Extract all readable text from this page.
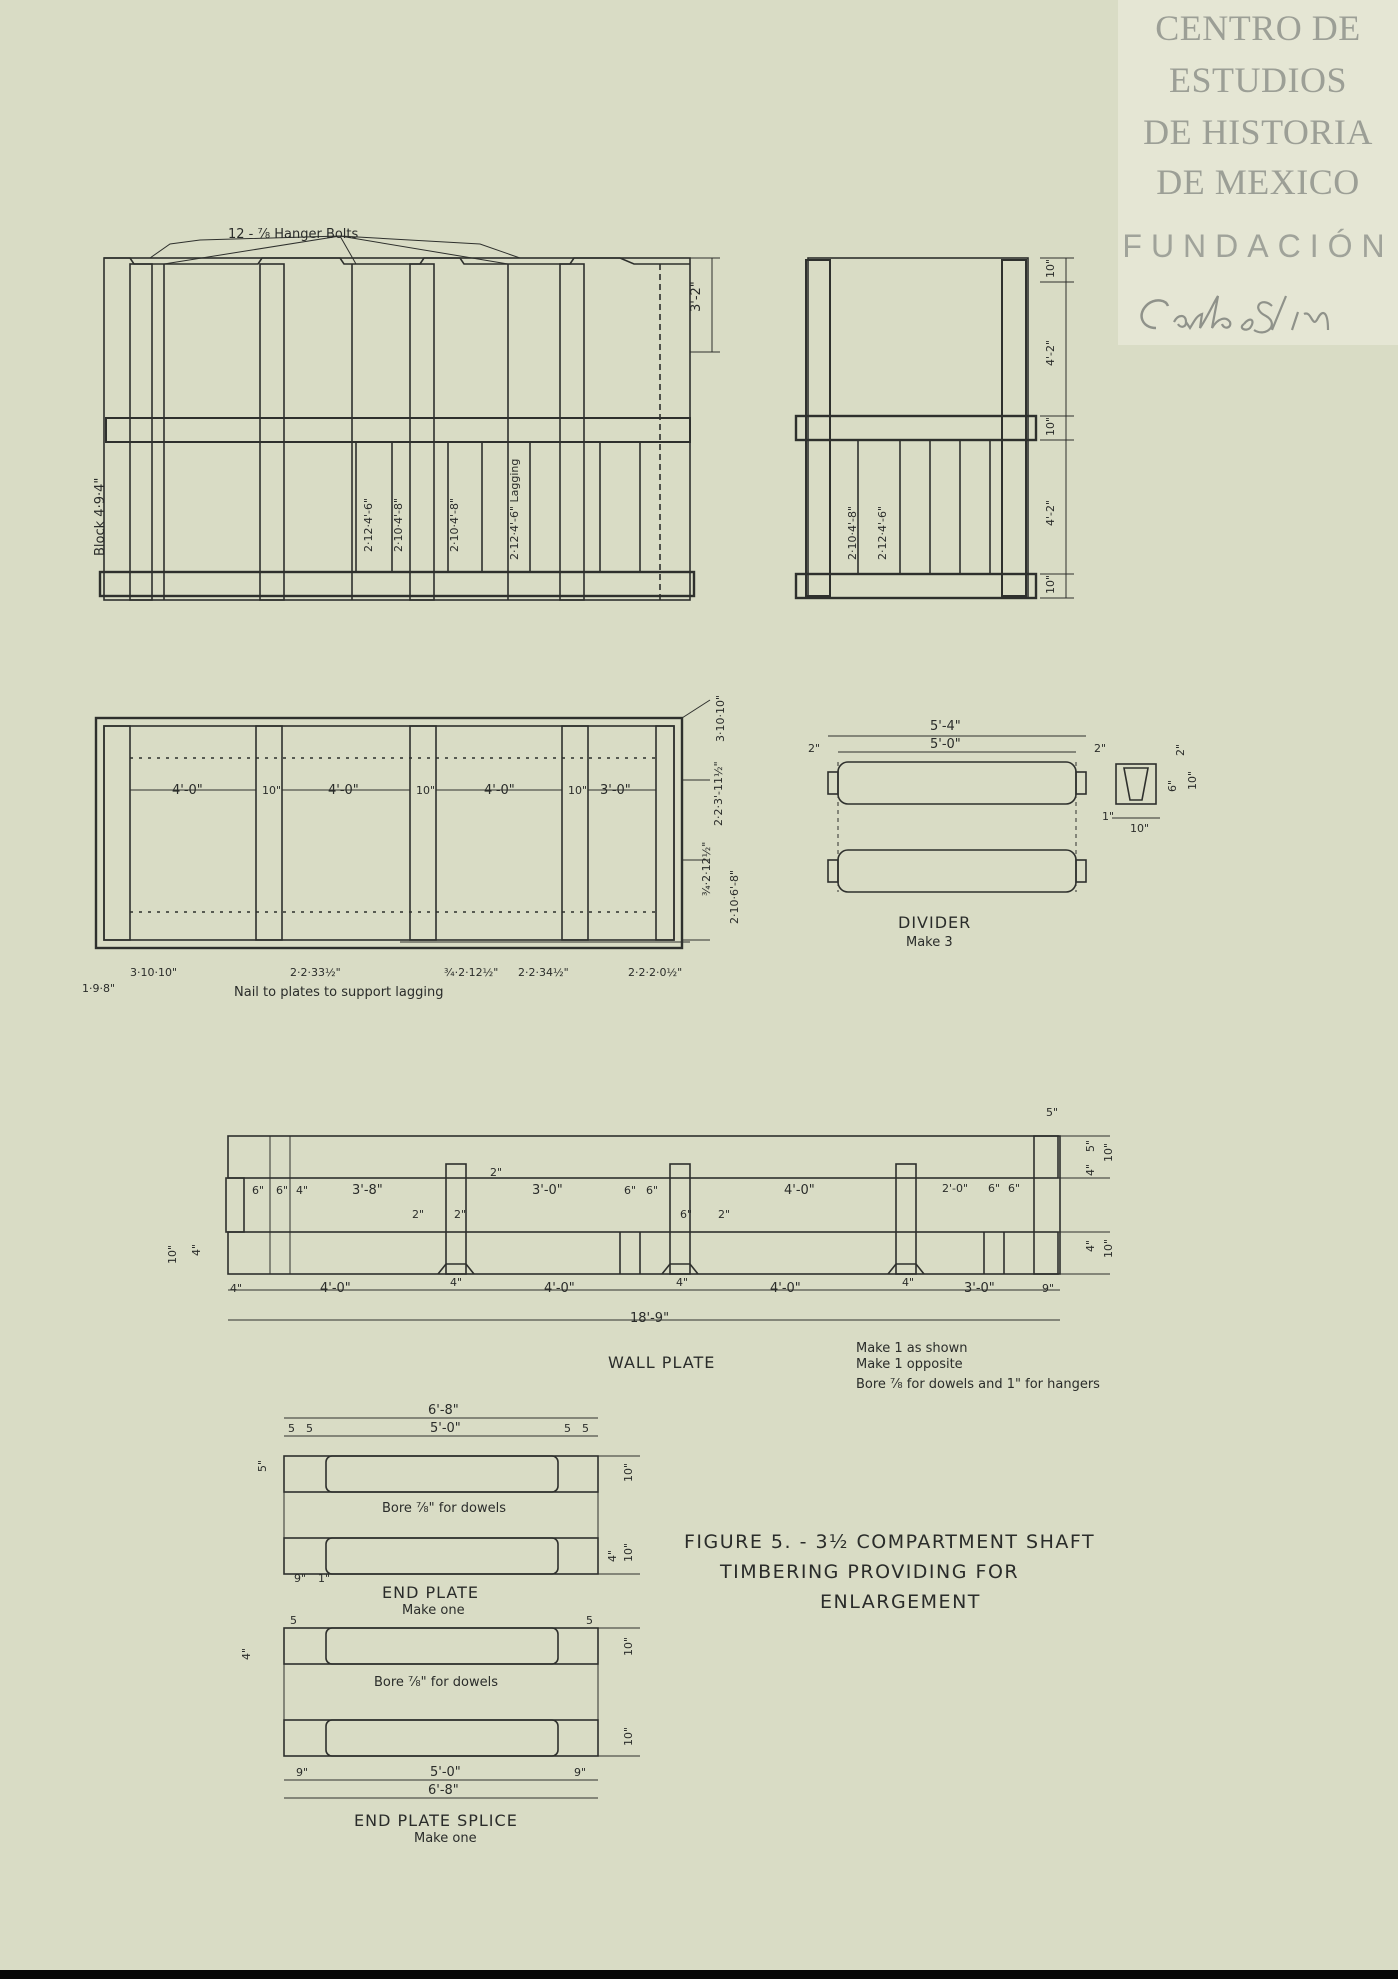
12 - ⅞ Hanger Bolts
3'-2"
Block 4·9·4"	2·12·4'-6" 2·10·4'-8"	2·10·4'-8"	2·12·4'-6" Lagging
10"
4'-2"
10"
4'-2"
10"
2·10·4'-8" 2·12·4'-6"
4'-0"	10"	4'-0"	10"	4'-0"	10" 3'-0"
3·10·10"
2·2·3'-11½"
¾·2·12½"
2·10·6'-8"
3·10·10"
1·9·8"
2·2·33½"	¾·2·12½" 2·2·34½"	2·2·2·0½"
Nail to plates to support lagging
5'-4"
5'-0"
2"	2"
10"
6"
2"
1"
10"
DIVIDER
Make 3
3'-8"	3'-0"	4'-0"	2'-0"
6" 6" 4"	6" 6"
6"
6" 6"
2"
2"
2"	2"
4"	4'-0"	4'-0"	4'-0"	3'-0"	9"
4"	4"	4"
18'-9"
5"
10"
5"
4"
10"
4"
10" 4"
WALL PLATE
Make 1 as shown
Make 1 opposite
Bore ⅞ for dowels and 1" for hangers
6'-8"
5'-0"
5 5	5 5
5"	10"
10"
4"
9" 1"
Bore ⅞" for dowels
END PLATE
Make one
5	5
10"
10"
4"
9"	9"
Bore ⅞" for dowels
5'-0"
6'-8"
END PLATE SPLICE
Make one
FIGURE 5. - 3½ COMPARTMENT SHAFT
TIMBERING PROVIDING FOR
ENLARGEMENT
CENTRO DE
ESTUDIOS
DE HISTORIA
DE MEXICO
FUNDACIÓN
